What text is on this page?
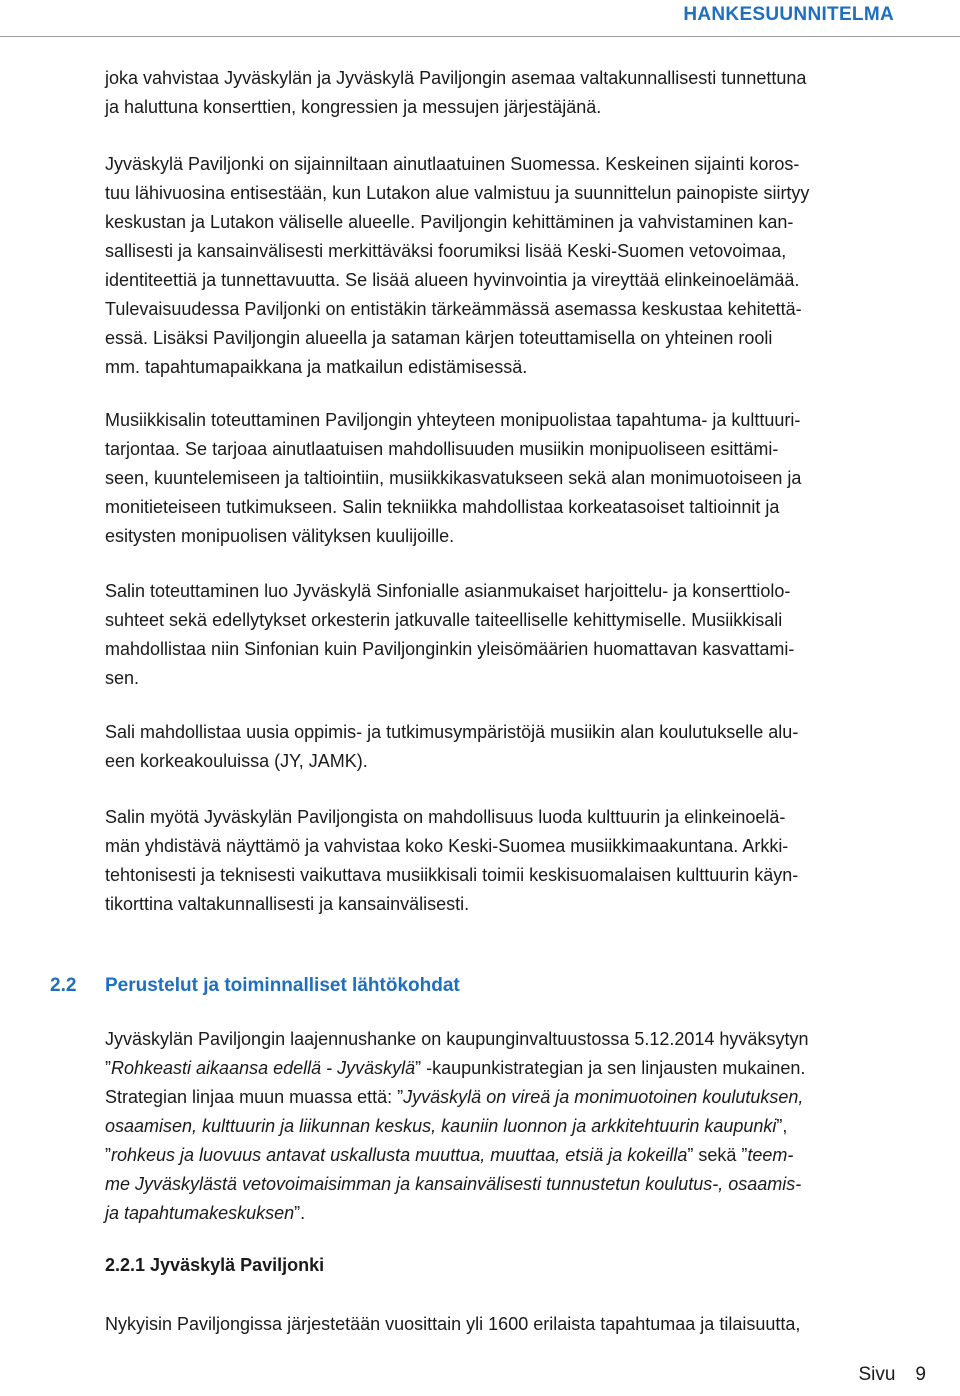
HANKESUUNNITELMA

joka vahvistaa Jyväskylän ja Jyväskylä Paviljongin asemaa valtakunnallisesti tunnettuna

ja haluttuna konserttien, kongressien ja messujen järjestäjänä.

Jyväskylä Paviljonki on sijainniltaan ainutlaatuinen Suomessa. Keskeinen sijainti koros-

tuu lähivuosina entisestään, kun Lutakon alue valmistuu ja suunnittelun painopiste siirtyy

keskustan ja Lutakon väliselle alueelle. Paviljongin kehittäminen ja vahvistaminen kan-

sallisesti ja kansainvälisesti merkittäväksi foorumiksi lisää Keski-Suomen vetovoimaa,

identiteettiä ja tunnettavuutta. Se lisää alueen hyvinvointia ja vireyttää elinkeinoelämää.

Tulevaisuudessa Paviljonki on entistäkin tärkeämmässä asemassa keskustaa kehitettä-

essä. Lisäksi Paviljongin alueella ja sataman kärjen toteuttamisella on yhteinen rooli

mm. tapahtumapaikkana ja matkailun edistämisessä.

Musiikkisalin toteuttaminen Paviljongin yhteyteen monipuolistaa tapahtuma- ja kulttuuri-

tarjontaa. Se tarjoaa ainutlaatuisen mahdollisuuden musiikin monipuoliseen esittämi-

seen, kuuntelemiseen ja taltiointiin, musiikkikasvatukseen sekä alan monimuotoiseen ja

monitieteiseen tutkimukseen. Salin tekniikka mahdollistaa korkeatasoiset taltioinnit ja

esitysten monipuolisen välityksen kuulijoille.

Salin toteuttaminen luo Jyväskylä Sinfonialle asianmukaiset harjoittelu- ja konserttiolo-

suhteet sekä edellytykset orkesterin jatkuvalle taiteelliselle kehittymiselle. Musiikkisali

mahdollistaa niin Sinfonian kuin Paviljonginkin yleisömäärien huomattavan kasvattami-

sen.

Sali mahdollistaa uusia oppimis- ja tutkimusympäristöjä musiikin alan koulutukselle alu-

een korkeakouluissa (JY, JAMK).

Salin myötä Jyväskylän Paviljongista on mahdollisuus luoda kulttuurin ja elinkeinoelä-

män yhdistävä näyttämö ja vahvistaa koko Keski-Suomea musiikkimaakuntana. Arkki-

tehtonisesti ja teknisesti vaikuttava musiikkisali toimii keskisuomalaisen kulttuurin käyn-

tikorttina valtakunnallisesti ja kansainvälisesti.

2.2 Perustelut ja toiminnalliset lähtökohdat

Jyväskylän Paviljongin laajennushanke on kaupunginvaltuustossa 5.12.2014 hyväksytyn

”Rohkeasti aikaansa edellä - Jyväskylä” -kaupunkistrategian ja sen linjausten mukainen.

Strategian linjaa muun muassa että: ”Jyväskylä on vireä ja monimuotoinen koulutuksen,

osaamisen, kulttuurin ja liikunnan keskus, kauniin luonnon ja arkkitehtuurin kaupunki”,

”rohkeus ja luovuus antavat uskallusta muuttua, muuttaa, etsiä ja kokeilla” sekä ”teem-

me Jyväskylästä vetovoimaisimman ja kansainvälisesti tunnustetun koulutus-, osaamis-

ja tapahtumakeskuksen”.

2.2.1 Jyväskylä Paviljonki

Nykyisin Paviljongissa järjestetään vuosittain yli 1600 erilaista tapahtumaa ja tilaisuutta,

Sivu 9
